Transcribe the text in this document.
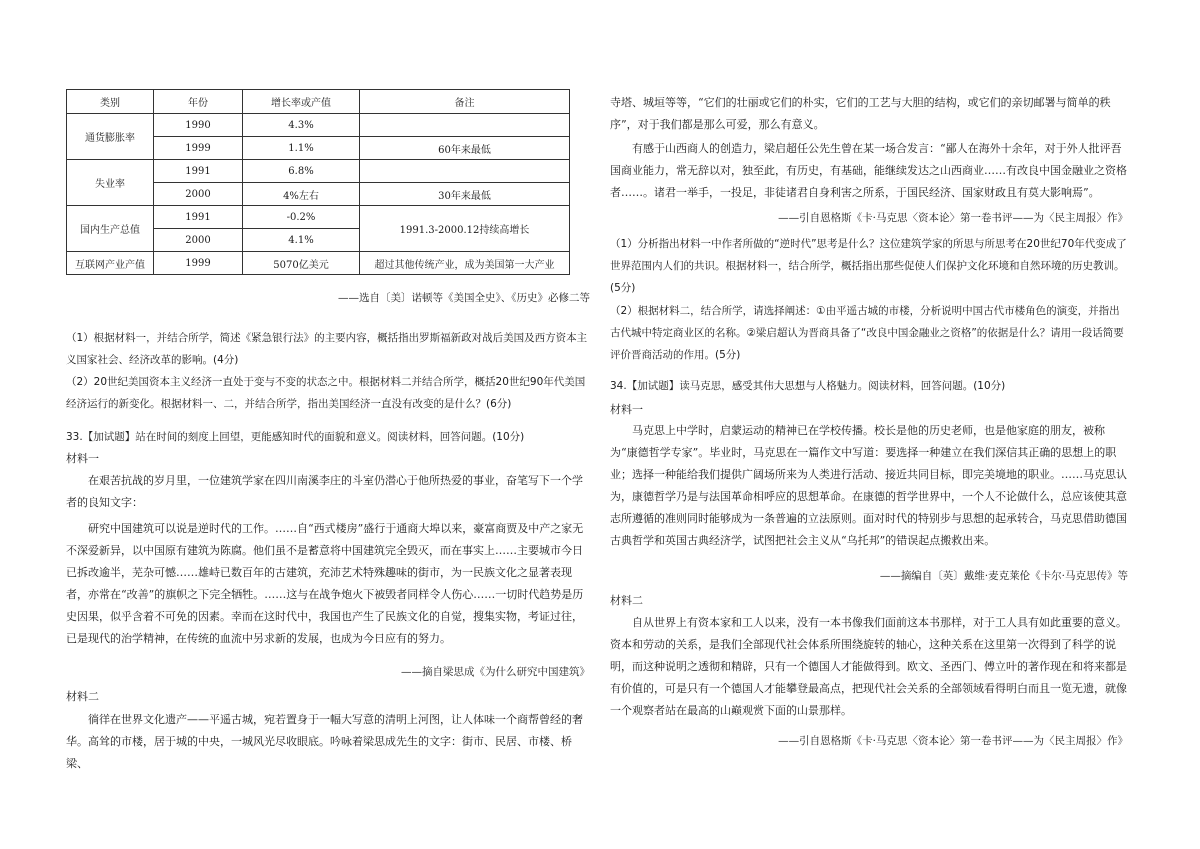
类别	年份	增长率或产值	备注
通货膨胀率	1990	4.3%	
	1999	1.1%	60年来最低
失业率	1991	6.8%	
	2000	4%左右	30年来最低
国内生产总值	1991	-0.2%	1991.3-2000.12持续高增长
	2000	4.1%	
互联网产业产值	1999	5070亿美元	超过其他传统产业，成为美国第一大产业
——选自〔美〕诺顿等《美国全史》、《历史》必修二等

（1）根据材料一，并结合所学，简述《紧急银行法》的主要内容，概括指出罗斯福新政对战后美国及西方资本主义国家社会、经济改革的影响。(4分)

（2）20世纪美国资本主义经济一直处于变与不变的状态之中。根据材料二并结合所学，概括20世纪90年代美国经济运行的新变化。根据材料一、二，并结合所学，指出美国经济一直没有改变的是什么？(6分)

33.【加试题】站在时间的刻度上回望，更能感知时代的面貌和意义。阅读材料，回答问题。(10分)

材料一

在艰苦抗战的岁月里，一位建筑学家在四川南溪李庄的斗室仍潜心于他所热爱的事业，奋笔写下一个学者的良知文字：

研究中国建筑可以说是逆时代的工作。……自“西式楼房”盛行于通商大埠以来，豪富商贾及中产之家无不深爱新异，以中国原有建筑为陈腐。他们虽不是蓄意将中国建筑完全毁灭，而在事实上……主要城市今日已拆改逾半，芜杂可憾……雄峙已数百年的古建筑，充沛艺术特殊趣味的街市，为一民族文化之显著表现者，亦常在“改善”的旗帜之下完全牺牲。……这与在战争炮火下被毁者同样令人伤心……一切时代趋势是历史因果，似乎含着不可免的因素。幸而在这时代中，我国也产生了民族文化的自觉，搜集实物，考证过往，已是现代的治学精神，在传统的血流中另求新的发展，也成为今日应有的努力。

——摘自梁思成《为什么研究中国建筑》

材料二

徜徉在世界文化遗产——平遥古城，宛若置身于一幅大写意的清明上河图，让人体味一个商帮曾经的奢华。高耸的市楼，居于城的中央，一城风光尽收眼底。吟咏着梁思成先生的文字：街市、民居、市楼、桥梁、

寺塔、城垣等等，“它们的壮丽或它们的朴实，它们的工艺与大胆的结构，或它们的亲切邮署与简单的秩序”，对于我们都是那么可爱，那么有意义。

有感于山西商人的创造力，梁启超任公先生曾在某一场合发言：“鄙人在海外十余年，对于外人批评吾国商业能力，常无辞以对，独至此，有历史，有基础，能继续发达之山西商业……有改良中国金融业之资格者……。诸君一举手，一投足，非徒诸君自身利害之所系，于国民经济、国家财政且有莫大影响焉”。

——引自恩格斯《卡·马克思〈资本论〉第一卷书评——为〈民主周报〉作》

（1）分析指出材料一中作者所做的“逆时代”思考是什么？这位建筑学家的所思与所思考在20世纪70年代变成了世界范围内人们的共识。根据材料一，结合所学，概括指出那些促使人们保护文化环境和自然环境的历史教训。(5分)

（2）根据材料二，结合所学，请选择阐述：①由平遥古城的市楼，分析说明中国古代市楼角色的演变，并指出古代城中特定商业区的名称。②梁启超认为晋商具备了“改良中国金融业之资格”的依据是什么？请用一段话简要评价晋商活动的作用。(5分)

34.【加试题】读马克思，感受其伟大思想与人格魅力。阅读材料，回答问题。(10分)

材料一

马克思上中学时，启蒙运动的精神已在学校传播。校长是他的历史老师，也是他家庭的朋友，被称为“康德哲学专家”。毕业时，马克思在一篇作文中写道：要选择一种建立在我们深信其正确的思想上的职业；选择一种能给我们提供广阔场所来为人类进行活动、接近共同目标，即完美境地的职业。……马克思认为，康德哲学乃是与法国革命相呼应的思想革命。在康德的哲学世界中，一个人不论做什么，总应该使其意志所遵循的准则同时能够成为一条普遍的立法原则。面对时代的特别步与思想的起承转合，马克思借助德国古典哲学和英国古典经济学，试图把社会主义从“乌托邦”的错误起点搬救出来。

——摘编自〔英〕戴维·麦克莱伦《卡尔·马克思传》等

材料二

自从世界上有资本家和工人以来，没有一本书像我们面前这本书那样，对于工人具有如此重要的意义。资本和劳动的关系，是我们全部现代社会体系所围绕旋转的轴心，这种关系在这里第一次得到了科学的说明，而这种说明之透彻和精辟，只有一个德国人才能做得到。欧文、圣西门、傅立叶的著作现在和将来都是有价值的，可是只有一个德国人才能攀登最高点，把现代社会关系的全部领域看得明白而且一览无遗，就像一个观察者站在最高的山巅观赏下面的山景那样。

——引自恩格斯《卡·马克思〈资本论〉第一卷书评——为〈民主周报〉作》
